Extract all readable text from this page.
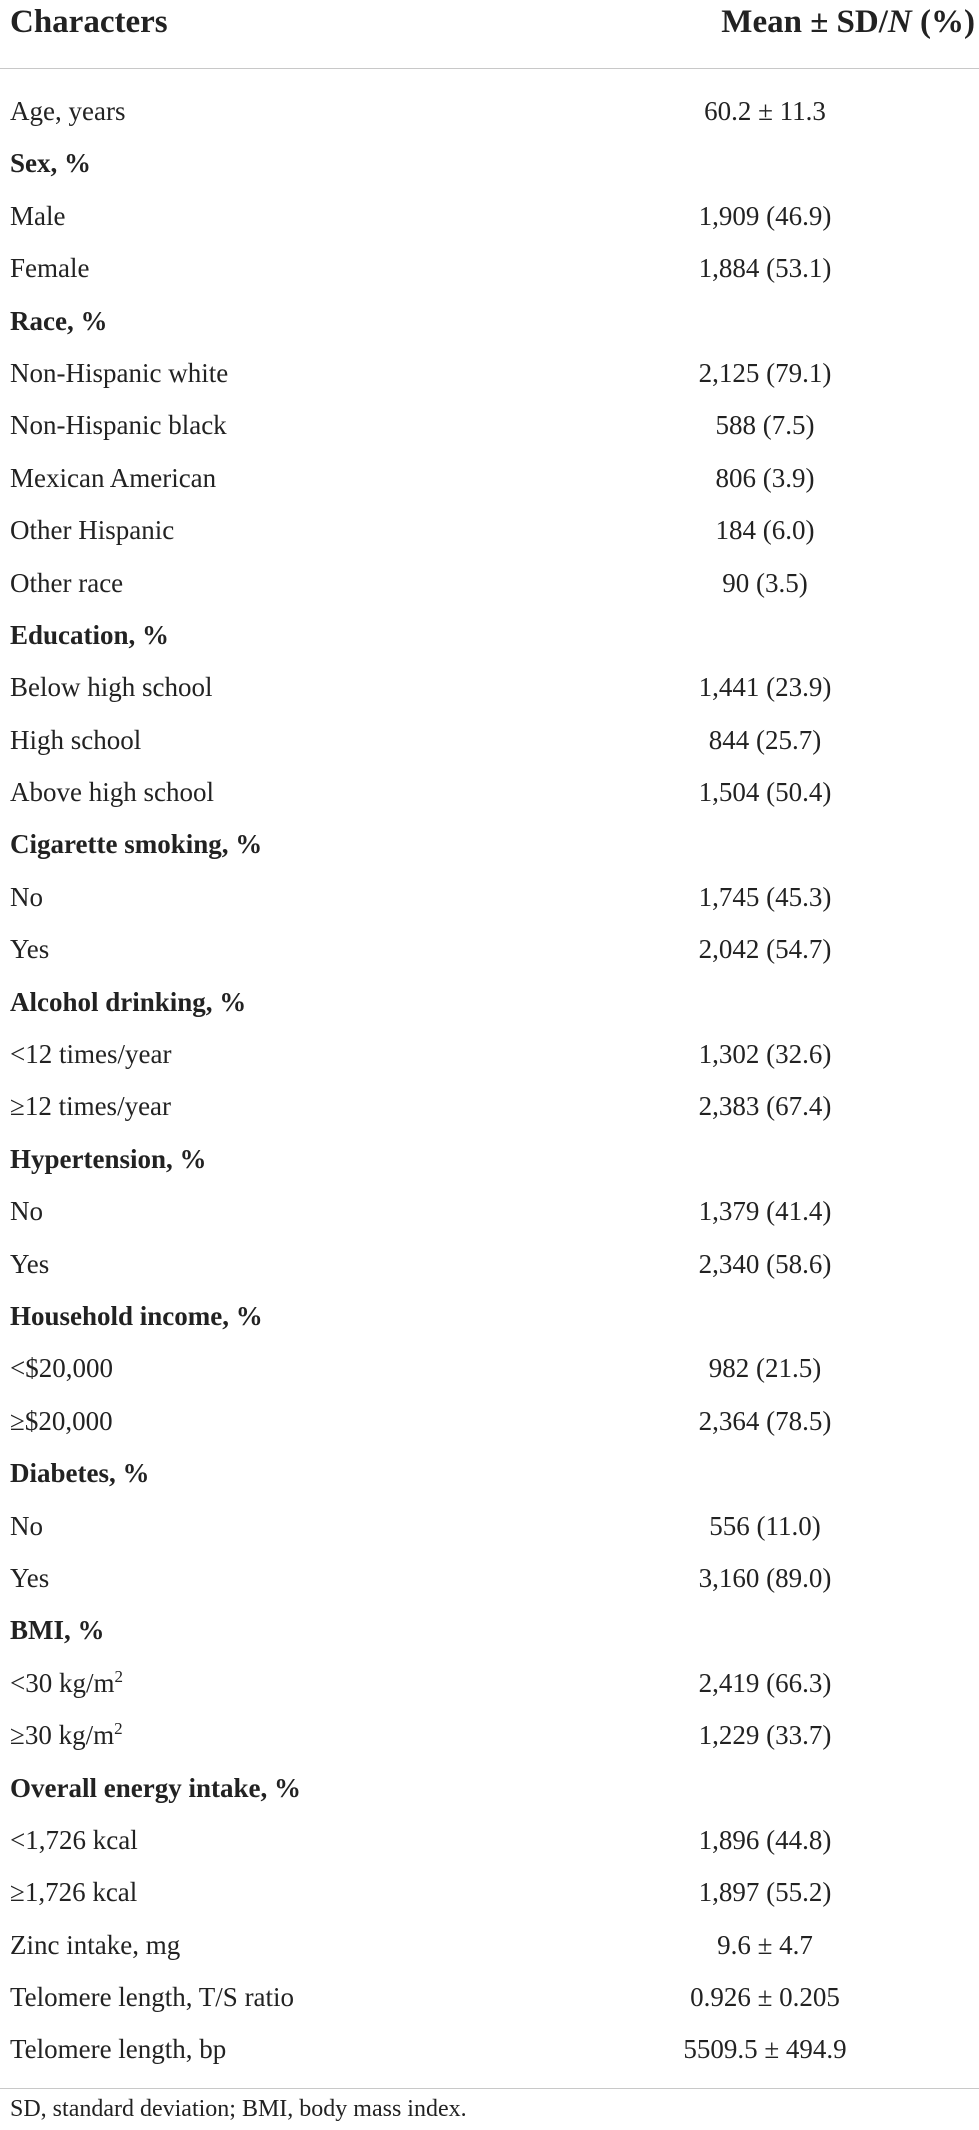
Characters	Mean ± SD/N (%)
Age, years	60.2 ± 11.3
Sex, %
Male	1,909 (46.9)
Female	1,884 (53.1)
Race, %
Non-Hispanic white	2,125 (79.1)
Non-Hispanic black	588 (7.5)
Mexican American	806 (3.9)
Other Hispanic	184 (6.0)
Other race	90 (3.5)
Education, %
Below high school	1,441 (23.9)
High school	844 (25.7)
Above high school	1,504 (50.4)
Cigarette smoking, %
No	1,745 (45.3)
Yes	2,042 (54.7)
Alcohol drinking, %
<12 times/year	1,302 (32.6)
≥12 times/year	2,383 (67.4)
Hypertension, %
No	1,379 (41.4)
Yes	2,340 (58.6)
Household income, %
<$20,000	982 (21.5)
≥$20,000	2,364 (78.5)
Diabetes, %
No	556 (11.0)
Yes	3,160 (89.0)
BMI, %
<30 $kg/m^2$	2,419 (66.3)
≥30 $kg/m^2$	1,229 (33.7)
Overall energy intake, %
<1,726 kcal	1,896 (44.8)
≥1,726 kcal	1,897 (55.2)
Zinc intake, mg	9.6 ± 4.7
Telomere length, T/S ratio	0.926 ± 0.205
Telomere length, bp	5509.5 ± 494.9
SD, standard deviation; BMI, body mass index.
